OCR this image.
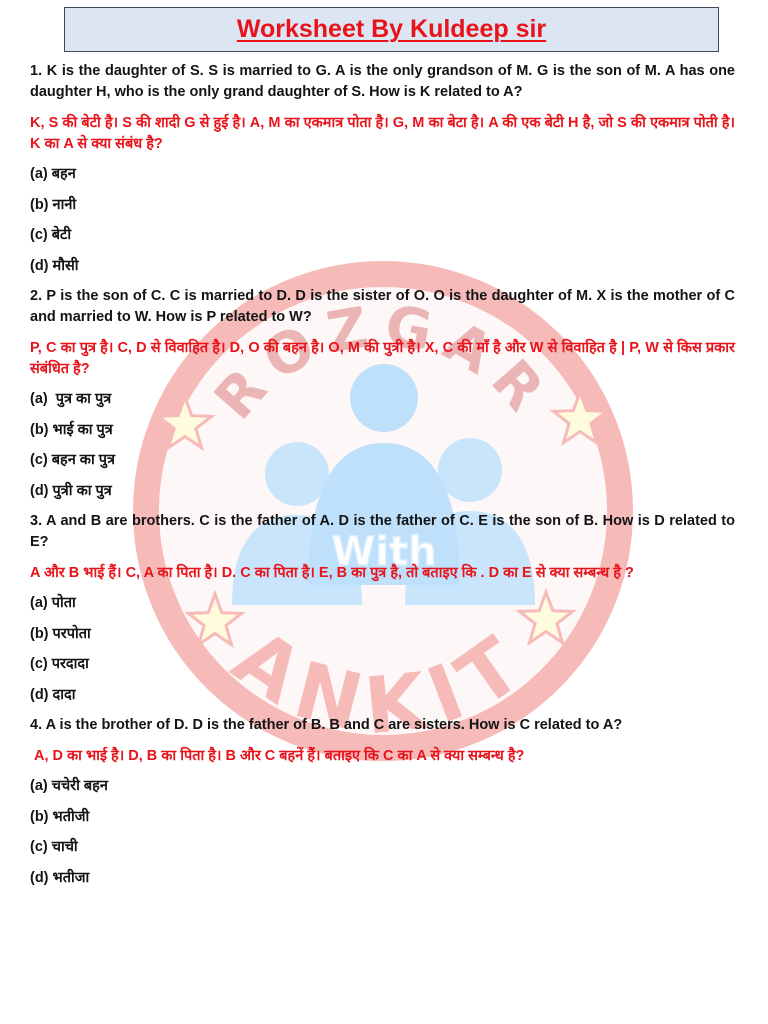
ROZGAR
With
ANKIT
Worksheet By Kuldeep sir

1. K is the daughter of S. S is married to G. A is the only grandson of M. G is the son of M. A has one daughter H, who is the only grand daughter of S. How is K related to A?

K, S की बेटी है। S की शादी G से हुई है। A, M का एकमात्र पोता है। G, M का बेटा है। A की एक बेटी H है, जो S की एकमात्र पोती है। K का A से क्या संबंध है?

(a) बहन

(b) नानी

(c) बेटी

(d) मौसी

2. P is the son of C. C is married to D. D is the sister of O. O is the daughter of M. X is the mother of C and married to W. How is P related to W?

P, C का पुत्र है। C, D से विवाहित है। D, O की बहन है। O, M की पुत्री है। X, C की माँ है और W से विवाहित है | P, W से किस प्रकार संबंधित है?

(a)  पुत्र का पुत्र

(b) भाई का पुत्र

(c) बहन का पुत्र

(d) पुत्री का पुत्र

3. A and B are brothers. C is the father of A. D is the father of C. E is the son of B. How is D related to E?

A और B भाई हैं। C, A का पिता है। D. C का पिता है। E, B का पुत्र है, तो बताइए कि . D का E से क्या सम्बन्ध है ?

(a) पोता

(b) परपोता

(c) परदादा

(d) दादा

4. A is the brother of D. D is the father of B. B and C are sisters. How is C related to A?

A, D का भाई है। D, B का पिता है। B और C बहनें हैं। बताइए कि C का A से क्या सम्बन्ध है?

(a) चचेरी बहन

(b) भतीजी

(c) चाची

(d) भतीजा
